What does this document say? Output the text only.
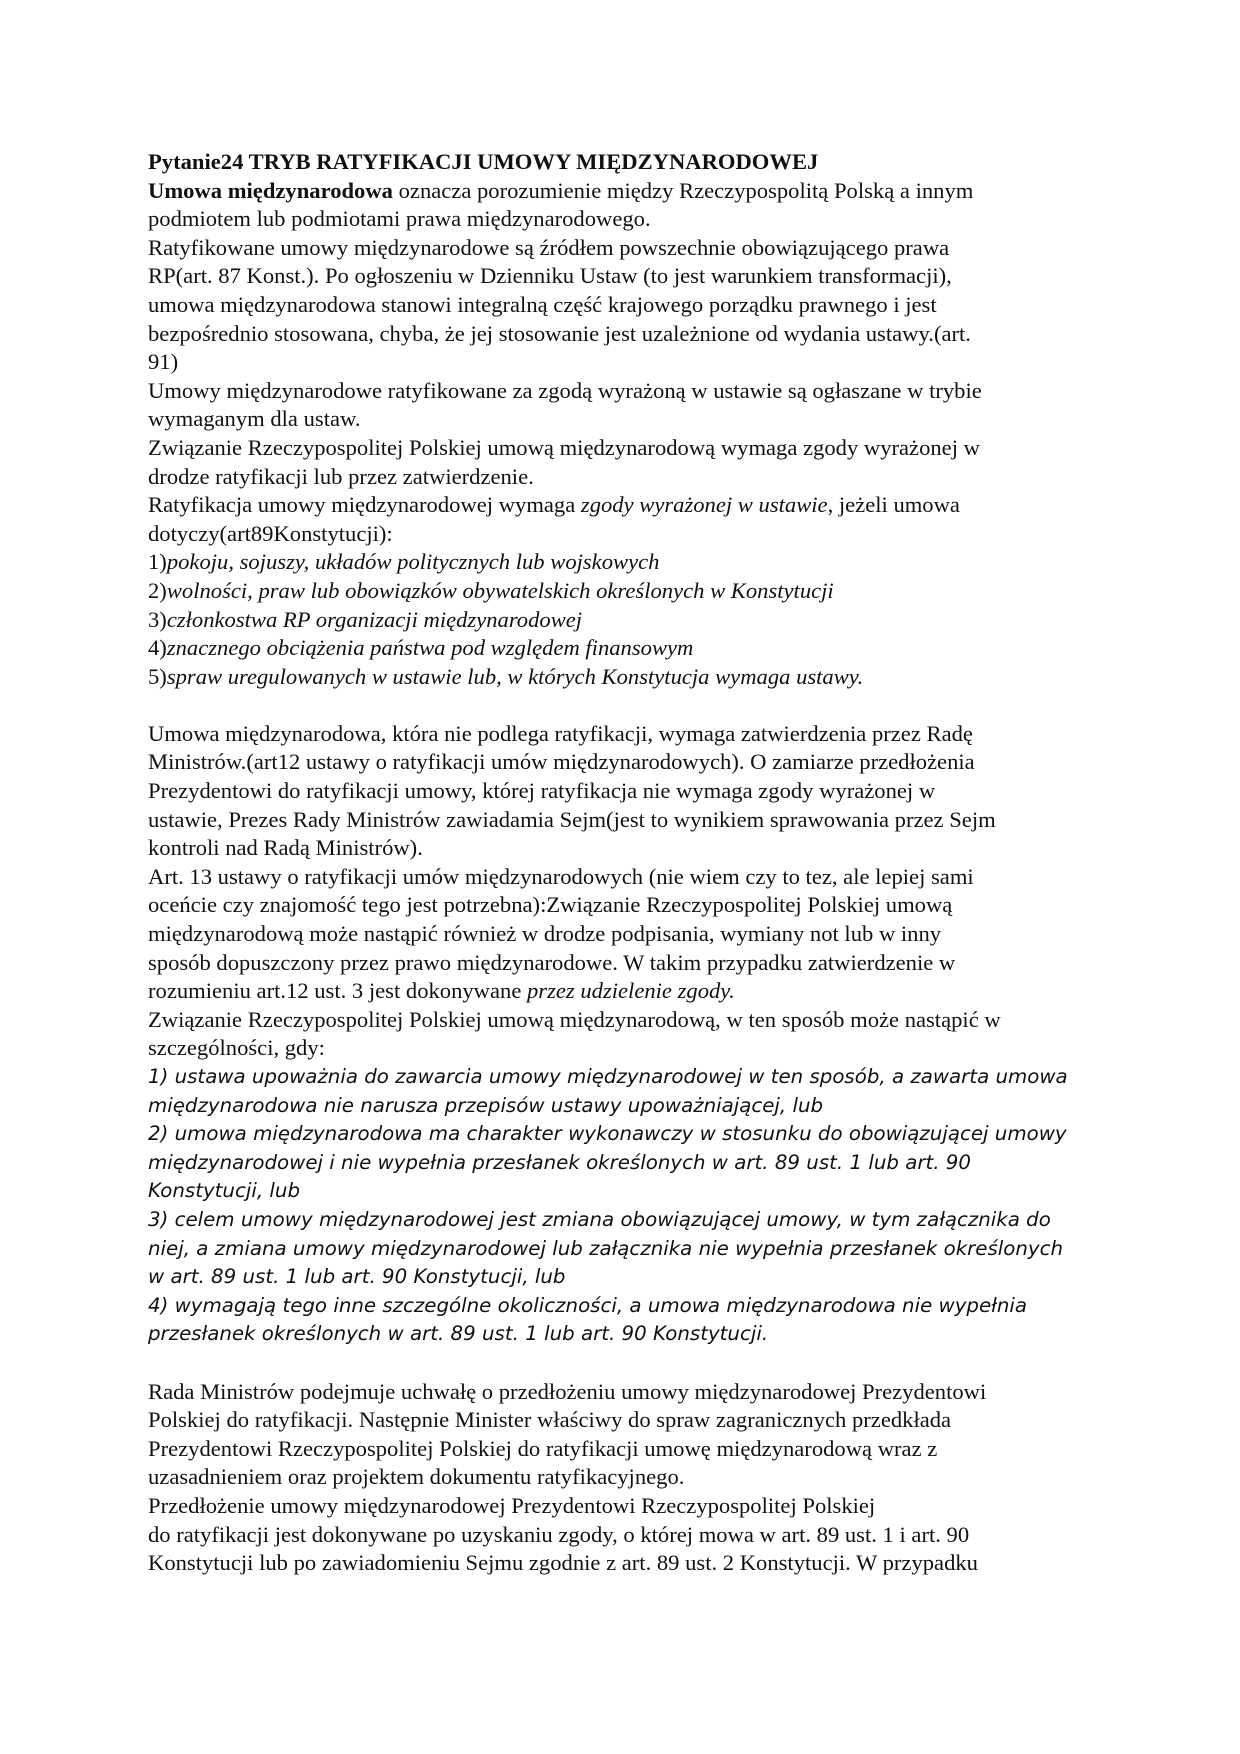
Pytanie24 TRYB RATYFIKACJI UMOWY MIĘDZYNARODOWEJ
Umowa międzynarodowa oznacza porozumienie między Rzeczypospolitą Polską a innym
podmiotem lub podmiotami prawa międzynarodowego.
Ratyfikowane umowy międzynarodowe są źródłem powszechnie obowiązującego prawa
RP(art. 87 Konst.). Po ogłoszeniu w Dzienniku Ustaw (to jest warunkiem transformacji),
umowa międzynarodowa stanowi integralną część krajowego porządku prawnego i jest
bezpośrednio stosowana, chyba, że jej stosowanie jest uzależnione od wydania ustawy.(art.
91)
Umowy międzynarodowe ratyfikowane za zgodą wyrażoną w ustawie są ogłaszane w trybie
wymaganym dla ustaw.
Związanie Rzeczypospolitej Polskiej umową międzynarodową wymaga zgody wyrażonej w
drodze ratyfikacji lub przez zatwierdzenie.
Ratyfikacja umowy międzynarodowej wymaga zgody wyrażonej w ustawie, jeżeli umowa
dotyczy(art89Konstytucji):
1)pokoju, sojuszy, układów politycznych lub wojskowych
2)wolności, praw lub obowiązków obywatelskich określonych w Konstytucji
3)członkostwa RP organizacji międzynarodowej
4)znacznego obciążenia państwa pod względem finansowym
5)spraw uregulowanych w ustawie lub, w których Konstytucja wymaga ustawy.
Umowa międzynarodowa, która nie podlega ratyfikacji, wymaga zatwierdzenia przez Radę
Ministrów.(art12 ustawy o ratyfikacji umów międzynarodowych). O zamiarze przedłożenia
Prezydentowi do ratyfikacji umowy, której ratyfikacja nie wymaga zgody wyrażonej w
ustawie, Prezes Rady Ministrów zawiadamia Sejm(jest to wynikiem sprawowania przez Sejm
kontroli nad Radą Ministrów).
Art. 13 ustawy o ratyfikacji umów międzynarodowych (nie wiem czy to tez, ale lepiej sami
oceńcie czy znajomość tego jest potrzebna):Związanie Rzeczypospolitej Polskiej umową
międzynarodową może nastąpić również w drodze podpisania, wymiany not lub w inny
sposób dopuszczony przez prawo międzynarodowe. W takim przypadku zatwierdzenie w
rozumieniu art.12 ust. 3 jest dokonywane przez udzielenie zgody.
Związanie Rzeczypospolitej Polskiej umową międzynarodową, w ten sposób może nastąpić w
szczególności, gdy:
1) ustawa upoważnia do zawarcia umowy międzynarodowej w ten sposób, a zawarta umowa
międzynarodowa nie narusza przepisów ustawy upoważniającej, lub
2) umowa międzynarodowa ma charakter wykonawczy w stosunku do obowiązującej umowy
międzynarodowej i nie wypełnia przesłanek określonych w art. 89 ust. 1 lub art. 90
Konstytucji, lub
3) celem umowy międzynarodowej jest zmiana obowiązującej umowy, w tym załącznika do
niej, a zmiana umowy międzynarodowej lub załącznika nie wypełnia przesłanek określonych
w art. 89 ust. 1 lub art. 90 Konstytucji, lub
4) wymagają tego inne szczególne okoliczności, a umowa międzynarodowa nie wypełnia
przesłanek określonych w art. 89 ust. 1 lub art. 90 Konstytucji.
Rada Ministrów podejmuje uchwałę o przedłożeniu umowy międzynarodowej Prezydentowi
Polskiej do ratyfikacji. Następnie Minister właściwy do spraw zagranicznych przedkłada
Prezydentowi Rzeczypospolitej Polskiej do ratyfikacji umowę międzynarodową wraz z
uzasadnieniem oraz projektem dokumentu ratyfikacyjnego.
Przedłożenie umowy międzynarodowej Prezydentowi Rzeczypospolitej Polskiej
do ratyfikacji jest dokonywane po uzyskaniu zgody, o której mowa w art. 89 ust. 1 i art. 90
Konstytucji lub po zawiadomieniu Sejmu zgodnie z art. 89 ust. 2 Konstytucji. W przypadku
